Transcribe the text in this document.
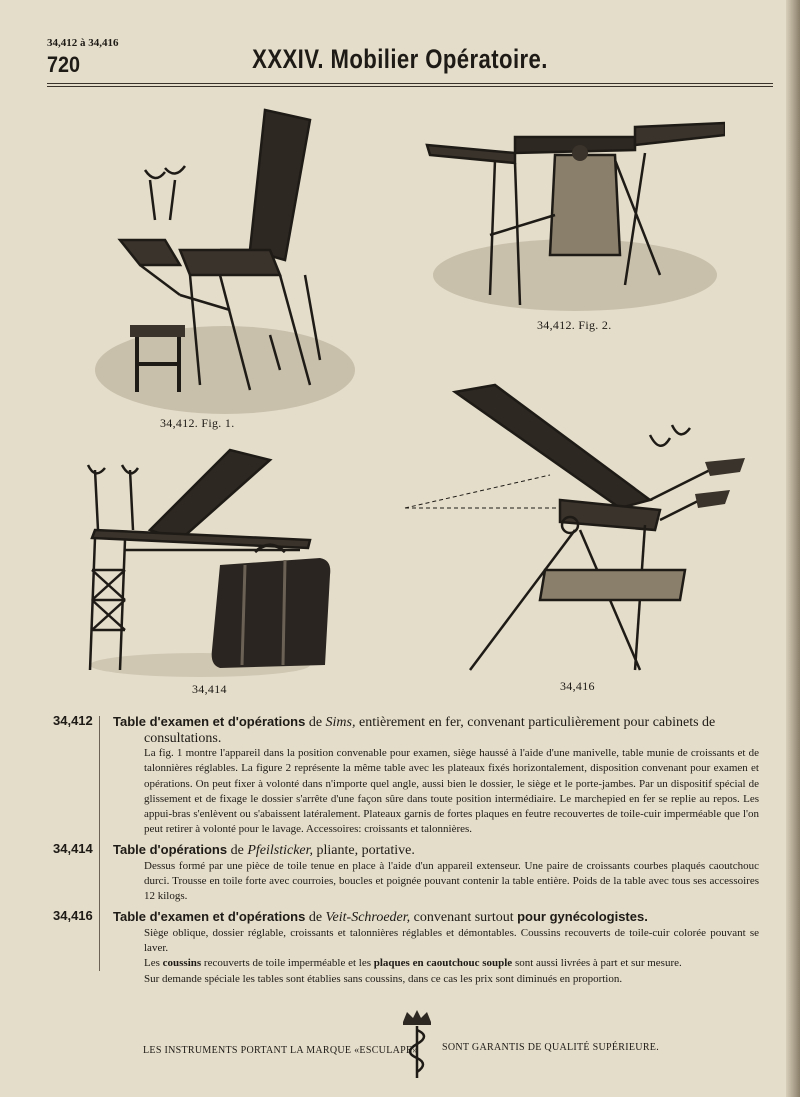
34,412 à 34,416
720	XXXIV. Mobilier Opératoire.
34,412. Fig. 1.
34,412. Fig. 2.
34,414	34,416
34,412 Table d'examen et d'opérations de Sims, entièrement en fer, convenant particulièrement pour cabinets de
consultations.
La fig. 1 montre l'appareil dans la position convenable pour examen, siège haussé à l'aide d'une manivelle, table munie de croissants et de talonnières réglables. La figure 2 représente la même table avec les plateaux fixés horizontalement, disposition convenant pour examen et opérations. On peut fixer à volonté dans n'importe quel angle, aussi bien le dossier, le siège et le porte-jambes. Par un dispositif spécial de glissement et de fixage le dossier s'arrête d'une façon sûre dans toute position intermédiaire. Le marchepied en fer se replie au repos. Les appui-bras s'enlèvent ou s'abaissent latéralement. Plateaux garnis de fortes plaques en feutre recouvertes de toile-cuir imperméable que l'on peut retirer à volonté pour le lavage. Accessoires: croissants et talonnières.
34,414 Table d'opérations de Pfeilsticker, pliante, portative.
Dessus formé par une pièce de toile tenue en place à l'aide d'un appareil extenseur. Une paire de croissants courbes plaqués caoutchouc durci. Trousse en toile forte avec courroies, boucles et poignée pouvant contenir la table entière. Poids de la table avec tous ses accessoires 12 kilogs.
34,416 Table d'examen et d'opérations de Veit-Schroeder, convenant surtout pour gynécologistes.
Siège oblique, dossier réglable, croissants et talonnières réglables et démontables. Coussins recouverts de toile-cuir colorée pouvant se laver.
Les coussins recouverts de toile imperméable et les plaques en caoutchouc souple sont aussi livrées à part et sur mesure.
Sur demande spéciale les tables sont établies sans coussins, dans ce cas les prix sont diminués en proportion.
LES INSTRUMENTS PORTANT LA MARQUE «ESCULAPE» SONT GARANTIS DE QUALITÉ SUPÉRIEURE.
